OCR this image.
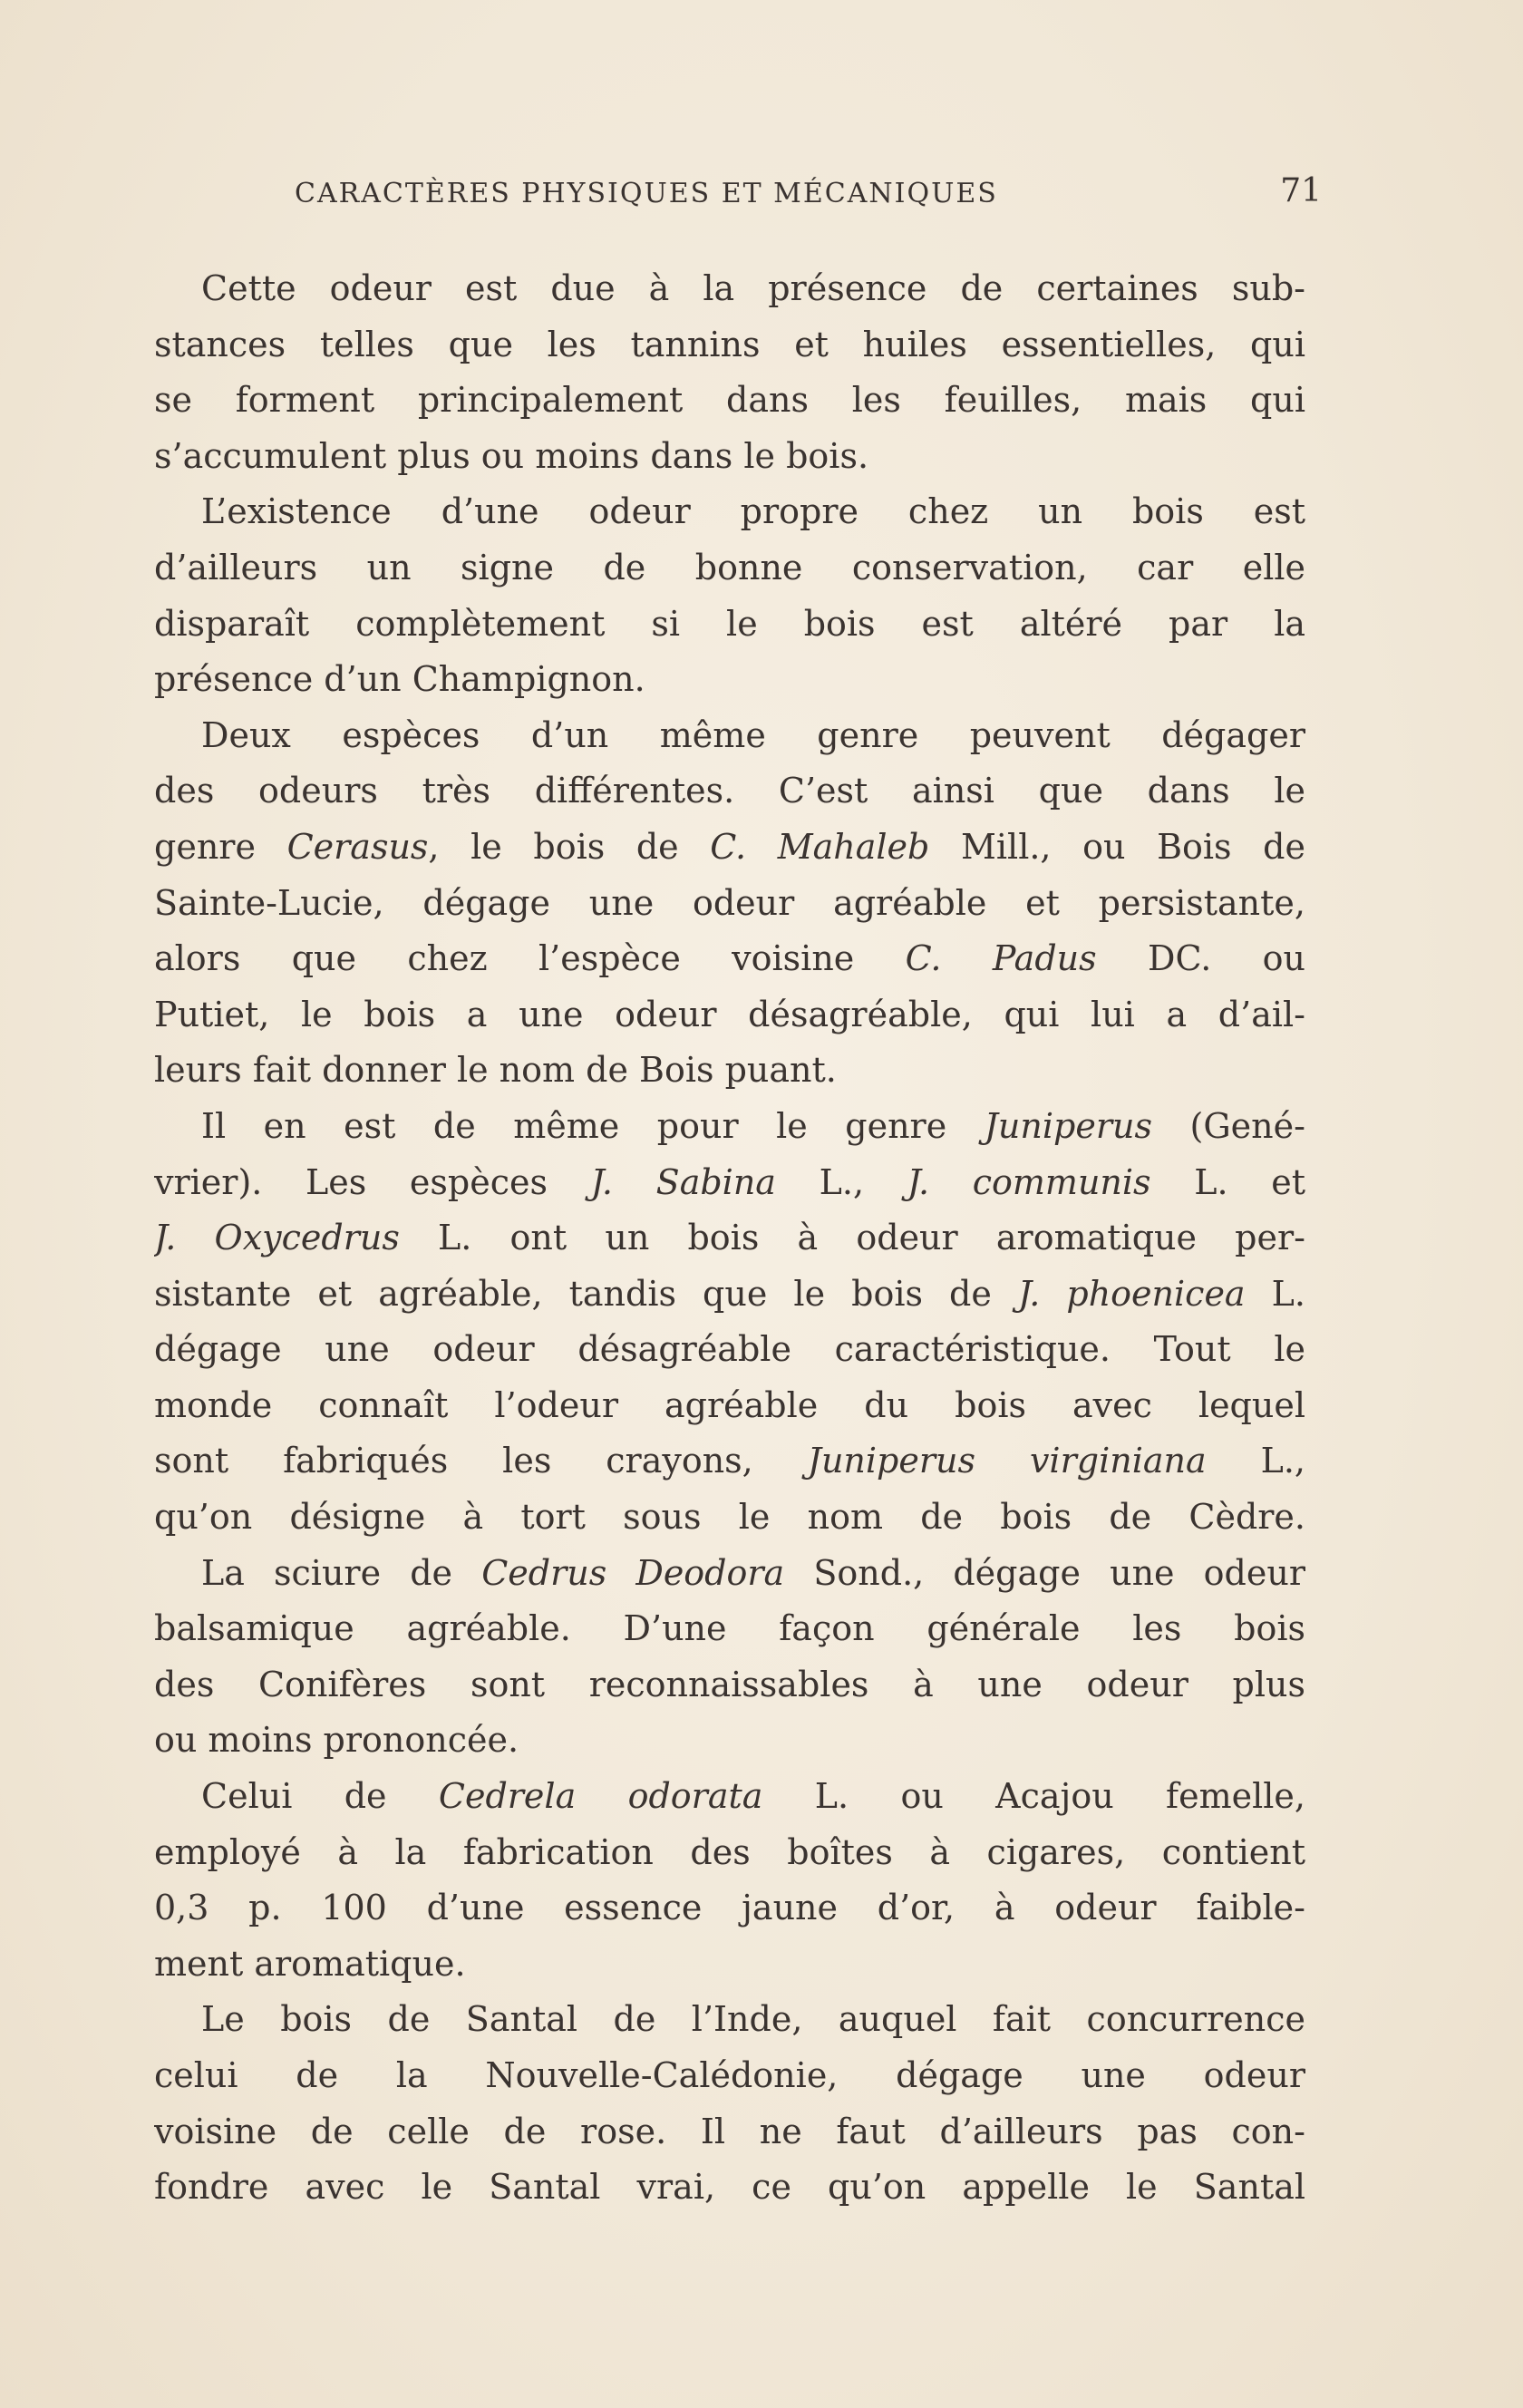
CARACTÈRES PHYSIQUES ET MÉCANIQUES	71
Cette odeur est due à la présence de certaines sub-
stances telles que les tannins et huiles essentielles, qui
se forment principalement dans les feuilles, mais qui
s’accumulent plus ou moins dans le bois.
L’existence d’une odeur propre chez un bois est
d’ailleurs un signe de bonne conservation, car elle
disparaît complètement si le bois est altéré par la
présence d’un Champignon.
Deux espèces d’un même genre peuvent dégager
des odeurs très différentes. C’est ainsi que dans le
genre Cerasus, le bois de C. Mahaleb Mill., ou Bois de
Sainte-Lucie, dégage une odeur agréable et persistante,
alors que chez l’espèce voisine C. Padus DC. ou
Putiet, le bois a une odeur désagréable, qui lui a d’ail-
leurs fait donner le nom de Bois puant.
Il en est de même pour le genre Juniperus (Gené-
vrier). Les espèces J. Sabina L., J. communis L. et
J. Oxycedrus L. ont un bois à odeur aromatique per-
sistante et agréable, tandis que le bois de J. phoenicea L.
dégage une odeur désagréable caractéristique. Tout le
monde connaît l’odeur agréable du bois avec lequel
sont fabriqués les crayons, Juniperus virginiana L.,
qu’on désigne à tort sous le nom de bois de Cèdre.
La sciure de Cedrus Deodora Sond., dégage une odeur
balsamique agréable. D’une façon générale les bois
des Conifères sont reconnaissables à une odeur plus
ou moins prononcée.
Celui de Cedrela odorata L. ou Acajou femelle,
employé à la fabrication des boîtes à cigares, contient
0,3 p. 100 d’une essence jaune d’or, à odeur faible-
ment aromatique.
Le bois de Santal de l’Inde, auquel fait concurrence
celui de la Nouvelle-Calédonie, dégage une odeur
voisine de celle de rose. Il ne faut d’ailleurs pas con-
fondre avec le Santal vrai, ce qu’on appelle le Santal
